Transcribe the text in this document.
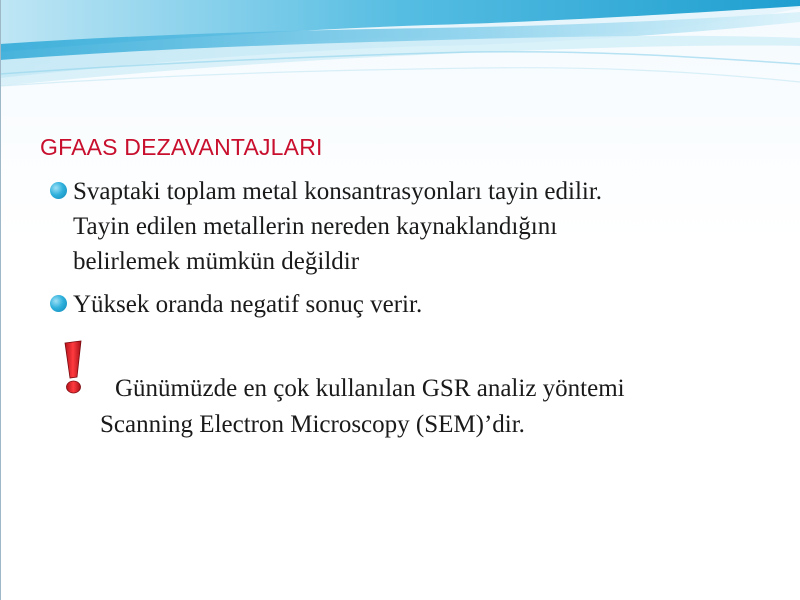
GFAAS DEZAVANTAJLARI
Svaptaki toplam metal konsantrasyonları tayin edilir.
Tayin edilen metallerin nereden kaynaklandığını
belirlemek mümkün değildir
Yüksek oranda negatif sonuç verir.
Günümüzde en çok kullanılan GSR analiz yöntemi
Scanning Electron Microscopy (SEM)’dir.
